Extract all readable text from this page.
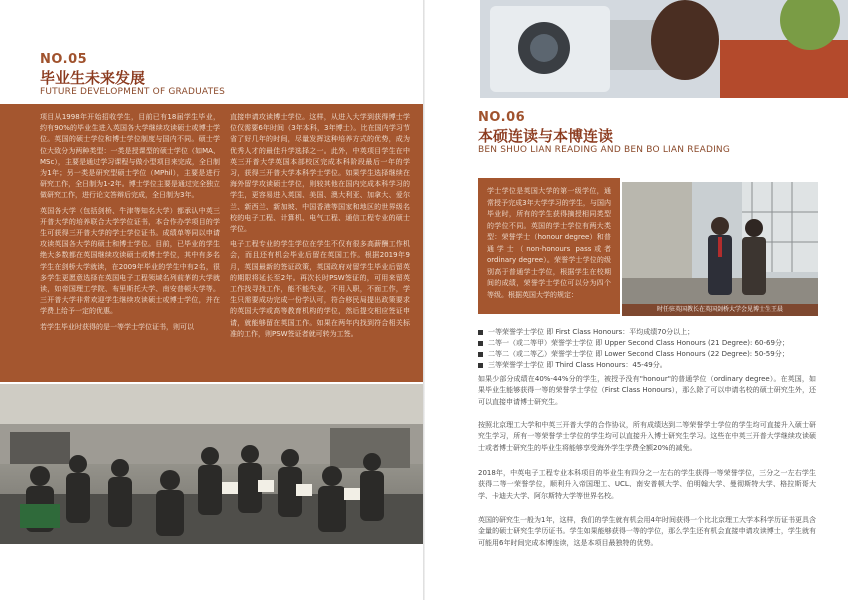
NO.05
毕业生未来发展
FUTURE DEVELOPMENT OF GRADUATES

项目从1998年开始招收学生，目前已有18届学生毕业，约有90%的毕业生进入英国各大学继续攻读硕士或博士学位。英国的硕士学位和博士学位制度与国内不同。硕士学位大致分为两种类型：一类是授课型的硕士学位（如MA、MSc），主要是通过学习课程与做小型项目来完成，全日制为1年；另一类是研究型硕士学位（MPhil），主要是进行研究工作，全日制为1-2年。博士学位主要是通过完全独立做研究工作，进行论文答辩后完成，全日制为3年。

英国各大学（包括剑桥、牛津等知名大学）都承认中英三开普大学的培养联合大学学位证书，本合作办学项目的学生可获得三开普大学的学士学位证书。成绩单等同以申请攻读英国各大学的硕士和博士学位。目前，已毕业的学生绝大多数都在英国继续攻读硕士或博士学位，其中有多名学生在剑桥大学就读，在2009年毕业的学生中有2名，很多学生更愿意选择在英国电子工程领域名列前茅的大学就读，如帝国理工学院、布里斯托大学、南安普顿大学等。三开普大学非常欢迎学生继续攻读硕士或博士学位，并在学费上给予一定的优惠。

若学生毕业时获得的是一等学士学位证书，则可以

直接申请攻读博士学位。这样，从进入大学到获得博士学位仅需要6年时间（3年本科，3年博士）。比在国内学习节省了好几年的时间，尽量发挥这种培养方式的优势，成为优秀人才的最佳升学选择之一。此外，中英项目学生在中英三开普大学英国本部校区完成本科阶段最后一年的学习，获得三开普大学本科学士学位。如果学生选择继续在海外留学攻读硕士学位，则较其他在国内完成本科学习的学生，更容易进入英国、美国、澳大利亚、加拿大、爱尔兰、新西兰、新加坡、中国香港等国家和地区的世界级名校的电子工程、计算机、电气工程、通信工程专业的硕士学位。

电子工程专业的学生学位在学生不仅有很多高薪酬工作机会，而且还有机会毕业后留在英国工作。根据2019年9月，英国最新的签证政策，英国政府对留学生毕业后留英的期限将延长至2年。再次长时PSW签证的，可用来留英工作找寻找工作，能不能失业，不用入职，不面工作，学生只需要成功完成一份学认可，符合移民局提出政策要求的英国大学或高等教育机构的学位，然后提交相应签证申请，就能够留在英国工作。如果在两年内找到符合相关标准的工作，则PSW签证者就可转为工签。

NO.06
本硕连读与本博连读
BEN SHUO LIAN READING AND BEN BO LIAN READING

学士学位是英国大学的第一级学位，通常授予完成3年大学学习的学生，与国内毕业时，所有的学生获得摘授相同类型的学位不同。英国的学士学位有两大类型：荣誉学士（honour degree）和普通学士（non-honours pass或者ordinary degree）。荣誉学士学位的级别高于普通学士学位，根据学生在校期间的成绩，荣誉学士学位可以分为四个等级。根据英国大学的规定：

时任驻英国教长在英国剑桥大学会见博士生王晨
一等荣誉学士学位 即 First Class Honours：平均成绩70分以上；
二等一（或二等甲）荣誉学士学位 即 Upper Second Class Honours (21 Degree): 60-69分；
二等二（或二等乙）荣誉学士学位 即 Lower Second Class Honours (22 Degree): 50-59分；
三等荣誉学士学位 即 Third Class Honours：45-49分。

如果少部分成绩在40%-44%分的学生，被授予没有"honour"的普通学位（ordinary degree）。在英国，如果毕业生能够获得一等的荣誉学士学位（First Class Honours），那么除了可以申请名校的硕士研究生外，还可以直接申请博士研究生。

按照北京理工大学和中英三开普大学的合作协议，所有成绩达到二等荣誉学士学位的学生均可直接升入硕士研究生学习，所有一等荣誉学士学位的学生均可以直接升入博士研究生学习。这些在中英三开普大学继续攻读硕士或者博士研究生的毕业生将能够享受海外学生学费全额20%的减免。

2018年，中英电子工程专业本科项目的毕业生有四分之一左右的学生获得一等荣誉学位，三分之一左右学生获得二等一荣誉学位，顺利升入帝国理工、UCL、南安普顿大学、伯明翰大学、曼彻斯特大学、格拉斯哥大学、卡迪夫大学、阿尔斯特大学等世界名校。

英国的研究生一般为1年，这样，我们的学生就有机会用4年时间获得一个比北京理工大学本科学历证书更具含金量的硕士研究生学历证书。学生如果能够获得一等的学位，那么学生还有机会直接申请攻读博士，学生就有可能用6年时间完成本博连读，这是本项目最独特的优势。
